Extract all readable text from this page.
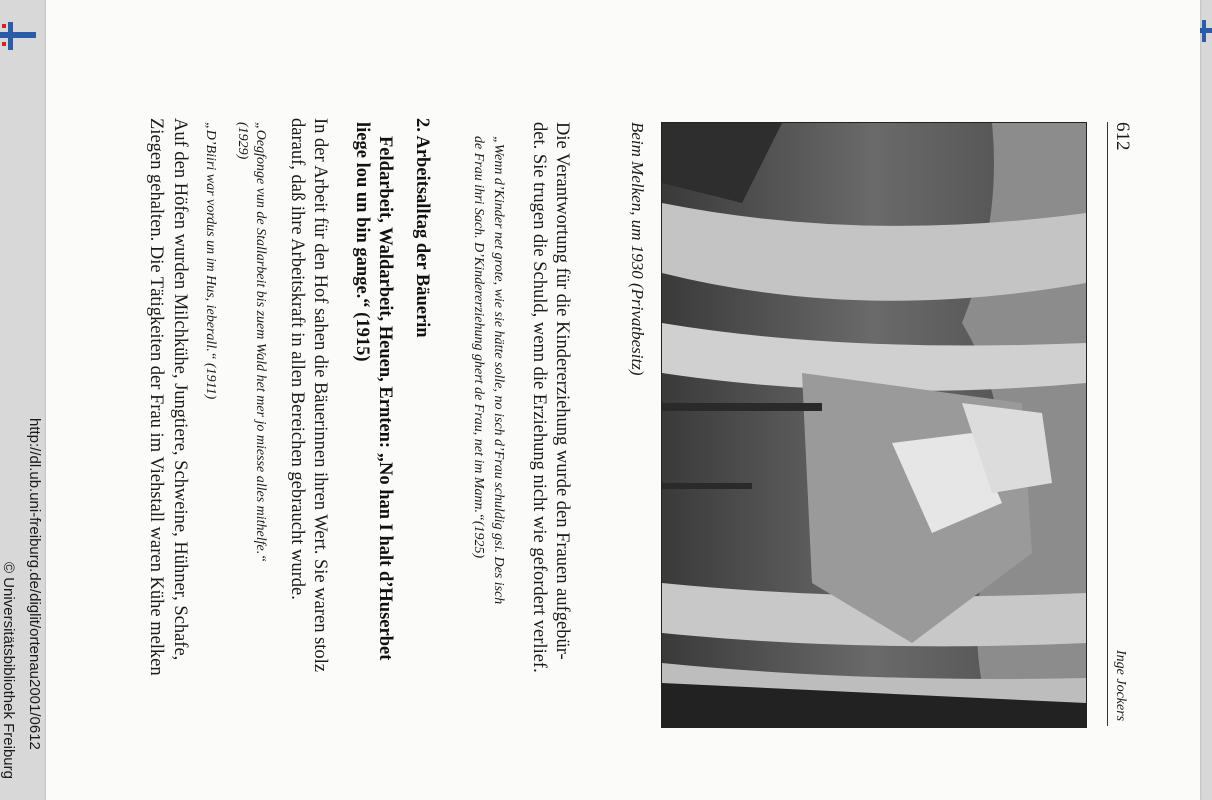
http://dl.ub.uni-freiburg.de/diglit/ortenau2001/0612
© Universitätsbibliothek Freiburg
612
Inge Jockers
Beim Melken, um 1930 (Privatbesitz)
Die Verantwortung für die Kindererziehung wurde den Frauen aufgebür-
det. Sie trugen die Schuld, wenn die Erziehung nicht wie gefordert verlief.
„Wenn d’Kinder net grote, wie sie hätte solle, no isch d’Frau schuldig gsi. Des isch
de Frau ihri Sach. D’Kindererziehung ghert de Frau, net im Mann.“(1925)
2. Arbeitsalltag der Bäuerin
Feldarbeit, Waldarbeit, Heuen, Ernten: „No han I halt d’Huserbet
liege lou un bin gange.“ (1915)
In der Arbeit für den Hof sahen die Bäuerinnen ihren Wert. Sie waren stolz
darauf, daß ihre Arbeitskraft in allen Bereichen gebraucht wurde.
„Oegfonge vun de Stallarbeit bis zuem Wald het mer jo miesse alles mithelfe.“
(1929)
„D’Biiri war vordus un im Hus, ieberall.“ (1911)
Auf den Höfen wurden Milchkühe, Jungtiere, Schweine, Hühner, Schafe,
Ziegen gehalten. Die Tätigkeiten der Frau im Viehstall waren Kühe melken
